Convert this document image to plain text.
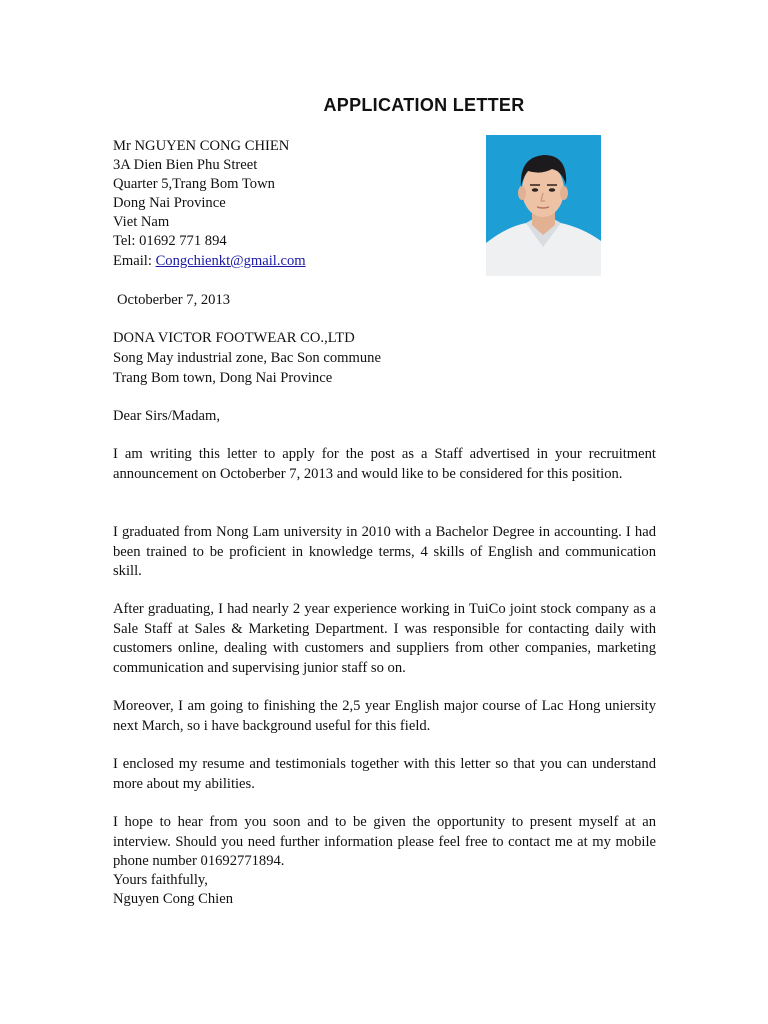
APPLICATION LETTER
Mr NGUYEN CONG CHIEN
3A Dien Bien Phu Street
Quarter 5,Trang Bom Town
Dong Nai Province
Viet Nam
Tel: 01692 771 894
Email: Congchienkt@gmail.com
Octoberber 7, 2013
DONA VICTOR FOOTWEAR CO.,LTD
Song May industrial zone, Bac Son commune
Trang Bom town, Dong Nai Province
Dear Sirs/Madam,
I am writing this letter to apply for the post as a Staff advertised in your recruitment announcement on Octoberber 7, 2013 and would like to be considered for this position.
I graduated from Nong Lam university in 2010 with a Bachelor Degree in accounting. I had been trained to be proficient in knowledge terms, 4 skills of English and communication skill.
After graduating, I had nearly 2 year experience working in TuiCo joint stock company as a Sale Staff at Sales & Marketing Department. I was responsible for contacting daily with customers online, dealing with customers and suppliers from other companies, marketing communication and supervising junior staff so on.
Moreover, I am going to finishing the 2,5 year English major course of Lac Hong uniersity next March, so i have background useful for this field.
I enclosed my resume and testimonials together with this letter so that you can understand more about my abilities.
I hope to hear from you soon and to be given the opportunity to present myself at an interview. Should you need further information please feel free to contact me at my mobile phone number 01692771894.
Yours faithfully,
Nguyen Cong Chien
